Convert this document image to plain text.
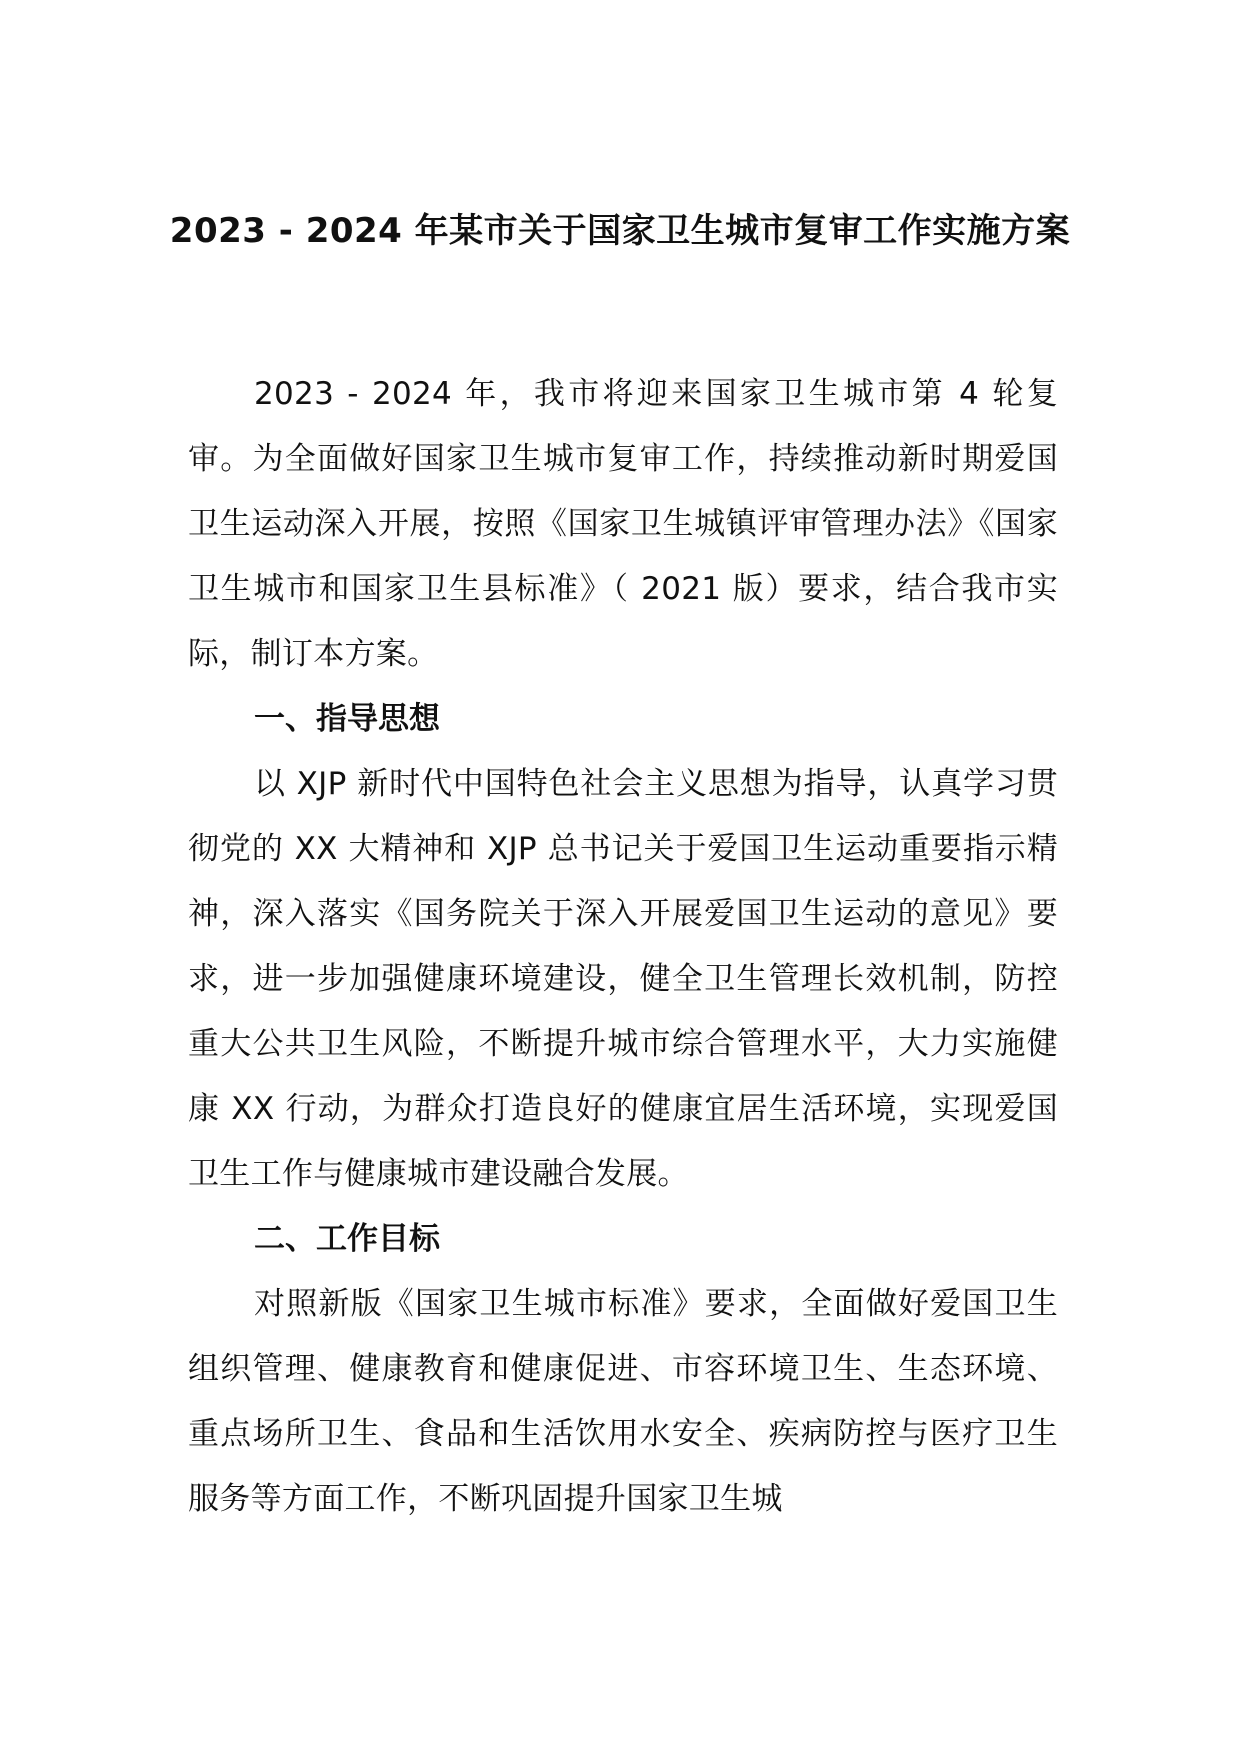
2023 - 2024 年某市关于国家卫生城市复审工作实施方案

2023 - 2024 年，我市将迎来国家卫生城市第 4 轮复审。为全面做好国家卫生城市复审工作，持续推动新时期爱国卫生运动深入开展，按照《国家卫生城镇评审管理办法》《国家卫生城市和国家卫生县标准》（ 2021 版）要求，结合我市实际，制订本方案。

一、指导思想

以 XJP 新时代中国特色社会主义思想为指导，认真学习贯彻党的 XX 大精神和 XJP 总书记关于爱国卫生运动重要指示精神，深入落实《国务院关于深入开展爱国卫生运动的意见》要求，进一步加强健康环境建设，健全卫生管理长效机制，防控重大公共卫生风险，不断提升城市综合管理水平，大力实施健康 XX 行动，为群众打造良好的健康宜居生活环境，实现爱国卫生工作与健康城市建设融合发展。

二、工作目标

对照新版《国家卫生城市标准》要求，全面做好爱国卫生组织管理、健康教育和健康促进、市容环境卫生、生态环境、重点场所卫生、食品和生活饮用水安全、疾病防控与医疗卫生服务等方面工作，不断巩固提升国家卫生城
